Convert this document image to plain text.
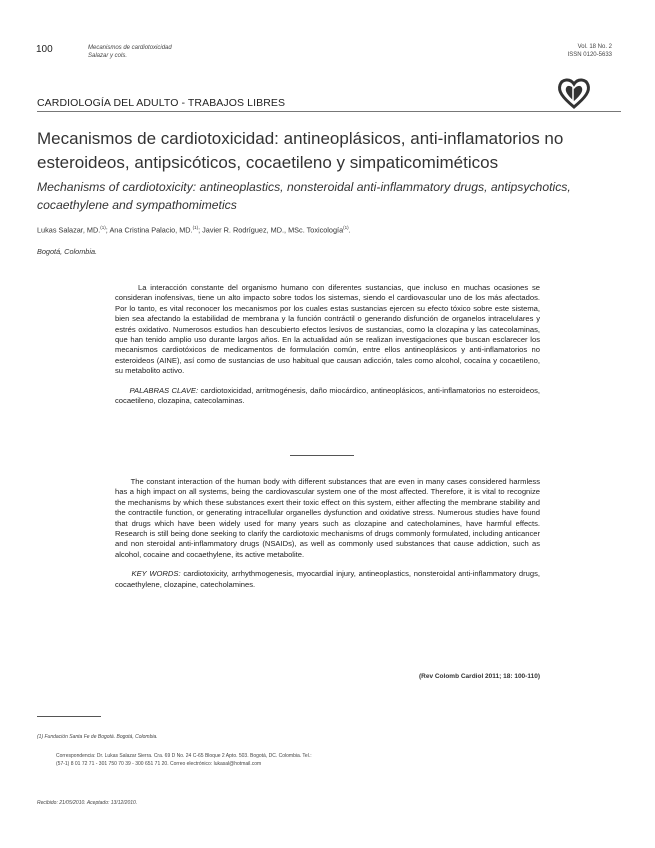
100	Mecanismos de cardiotoxicidad
Salazar y cols.
Vol. 18 No. 2
ISSN 0120-5633
CARDIOLOGÍA DEL ADULTO - TRABAJOS LIBRES
Mecanismos de cardiotoxicidad: antineoplásicos, anti-inflamatorios no esteroideos, antipsicóticos, cocaetileno y simpaticomiméticos
Mechanisms of cardiotoxicity: antineoplastics, nonsteroidal anti-inflammatory drugs, antipsychotics, cocaethylene and sympathomimetics
Lukas Salazar, MD.$^{(1)}$; Ana Cristina Palacio, MD.$^{(1)}$; Javier R. Rodríguez, MD., MSc. Toxicología$^{(1)}$.
Bogotá, Colombia.

La interacción constante del organismo humano con diferentes sustancias, que incluso en muchas ocasiones se consideran inofensivas, tiene un alto impacto sobre todos los sistemas, siendo el cardiovascular uno de los más afectados. Por lo tanto, es vital reconocer los mecanismos por los cuales estas sustancias ejercen su efecto tóxico sobre este sistema, bien sea afectando la estabilidad de membrana y la función contráctil o generando disfunción de organelos intracelulares y estrés oxidativo. Numerosos estudios han descubierto efectos lesivos de sustancias, como la clozapina y las catecolaminas, que han tenido amplio uso durante largos años. En la actualidad aún se realizan investigaciones que buscan esclarecer los mecanismos cardiotóxicos de medicamentos de formulación común, entre ellos antineoplásicos y anti-inflamatorios no esteroideos (AINE), así como de sustancias de uso habitual que causan adicción, tales como alcohol, cocaína y cocaetileno, su metabolito activo.

PALABRAS CLAVE: cardiotoxicidad, arritmogénesis, daño miocárdico, antineoplásicos, anti-inflamatorios no esteroideos, cocaetileno, clozapina, catecolaminas.

The constant interaction of the human body with different substances that are even in many cases considered harmless has a high impact on all systems, being the cardiovascular system one of the most affected. Therefore, it is vital to recognize the mechanisms by which these substances exert their toxic effect on this system, either affecting the membrane stability and the contractile function, or generating intracellular organelles dysfunction and oxidative stress. Numerous studies have found that drugs which have been widely used for many years such as clozapine and catecholamines, have harmful effects. Research is still being done seeking to clarify the cardiotoxic mechanisms of drugs commonly formulated, including anticancer and non steroidal anti-inflammatory drugs (NSAIDs), as well as commonly used substances that cause addiction, such as alcohol, cocaine and cocaethylene, its active metabolite.

KEY WORDS: cardiotoxicity, arrhythmogenesis, myocardial injury, antineoplastics, nonsteroidal anti-inflammatory drugs, cocaethylene, clozapine, catecholamines.

(Rev Colomb Cardiol 2011; 18: 100-110)
(1) Fundación Santa Fe de Bogotá. Bogotá, Colombia.
Correspondencia: Dr. Lukas Salazar Sierra. Cra. 69 D No. 24 C-65 Bloque 2 Apto. 503. Bogotá, DC. Colombia. Tel.: (57-1) 8 01 72 71 - 301 750 70 39 - 300 651 71 20. Correo electrónico: lukasal@hotmail.com
Recibido: 21/05/2010. Aceptado: 13/12/2010.
